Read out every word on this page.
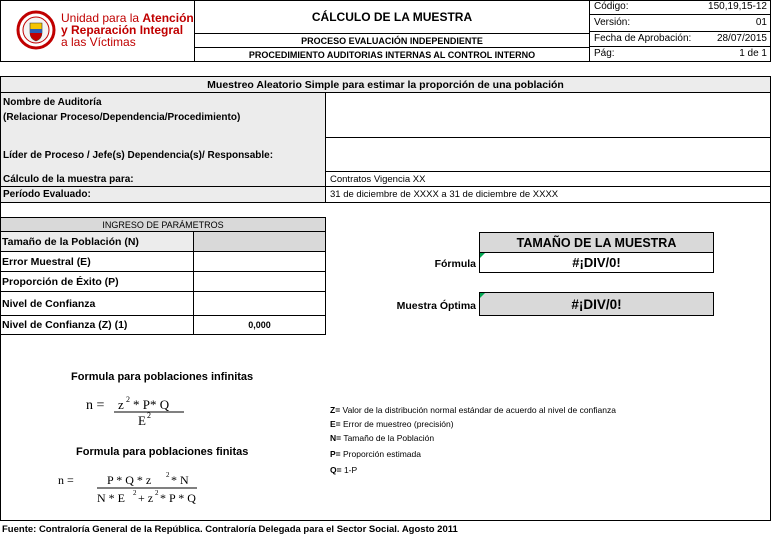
Unidad para la Atención
y Reparación Integral
a las Víctimas
CÁLCULO DE LA MUESTRA
PROCESO EVALUACIÓN INDEPENDIENTE
PROCEDIMIENTO AUDITORIAS INTERNAS AL CONTROL INTERNO
Código:	150,19,15-12
Versión:	01
Fecha de Aprobación:	28/07/2015
Pág:	1 de 1
Muestreo Aleatorio Simple para estimar la proporción de una población
Nombre de Auditoría
(Relacionar Proceso/Dependencia/Procedimiento)
Líder de Proceso / Jefe(s) Dependencia(s)/ Responsable:
Cálculo de la muestra para:	Contratos Vigencia XX
Período Evaluado:	31 de diciembre de XXXX a 31 de diciembre de XXXX
INGRESO DE PARÁMETROS
Tamaño de la Población (N)
Error Muestral (E)
Proporción de Éxito (P)
Nivel de Confianza
Nivel de Confianza (Z) (1)	0,000
TAMAÑO DE LA MUESTRA
Fórmula	#¡DIV/0!
Muestra Óptima	#¡DIV/0!
Formula para poblaciones infinitas
n = z 2 * P* Q
E 2
Formula para poblaciones finitas
n =	P * Q * z 2 * N
N * E 2 + z 2 * P * Q
Z= Valor de la distribución normal estándar de acuerdo al nivel de confianza
E= Error de muestreo (precisión)
N= Tamaño de la Población
P= Proporción estimada
Q= 1-P
Fuente: Contraloría General de la República. Contraloría Delegada para el Sector Social. Agosto 2011
